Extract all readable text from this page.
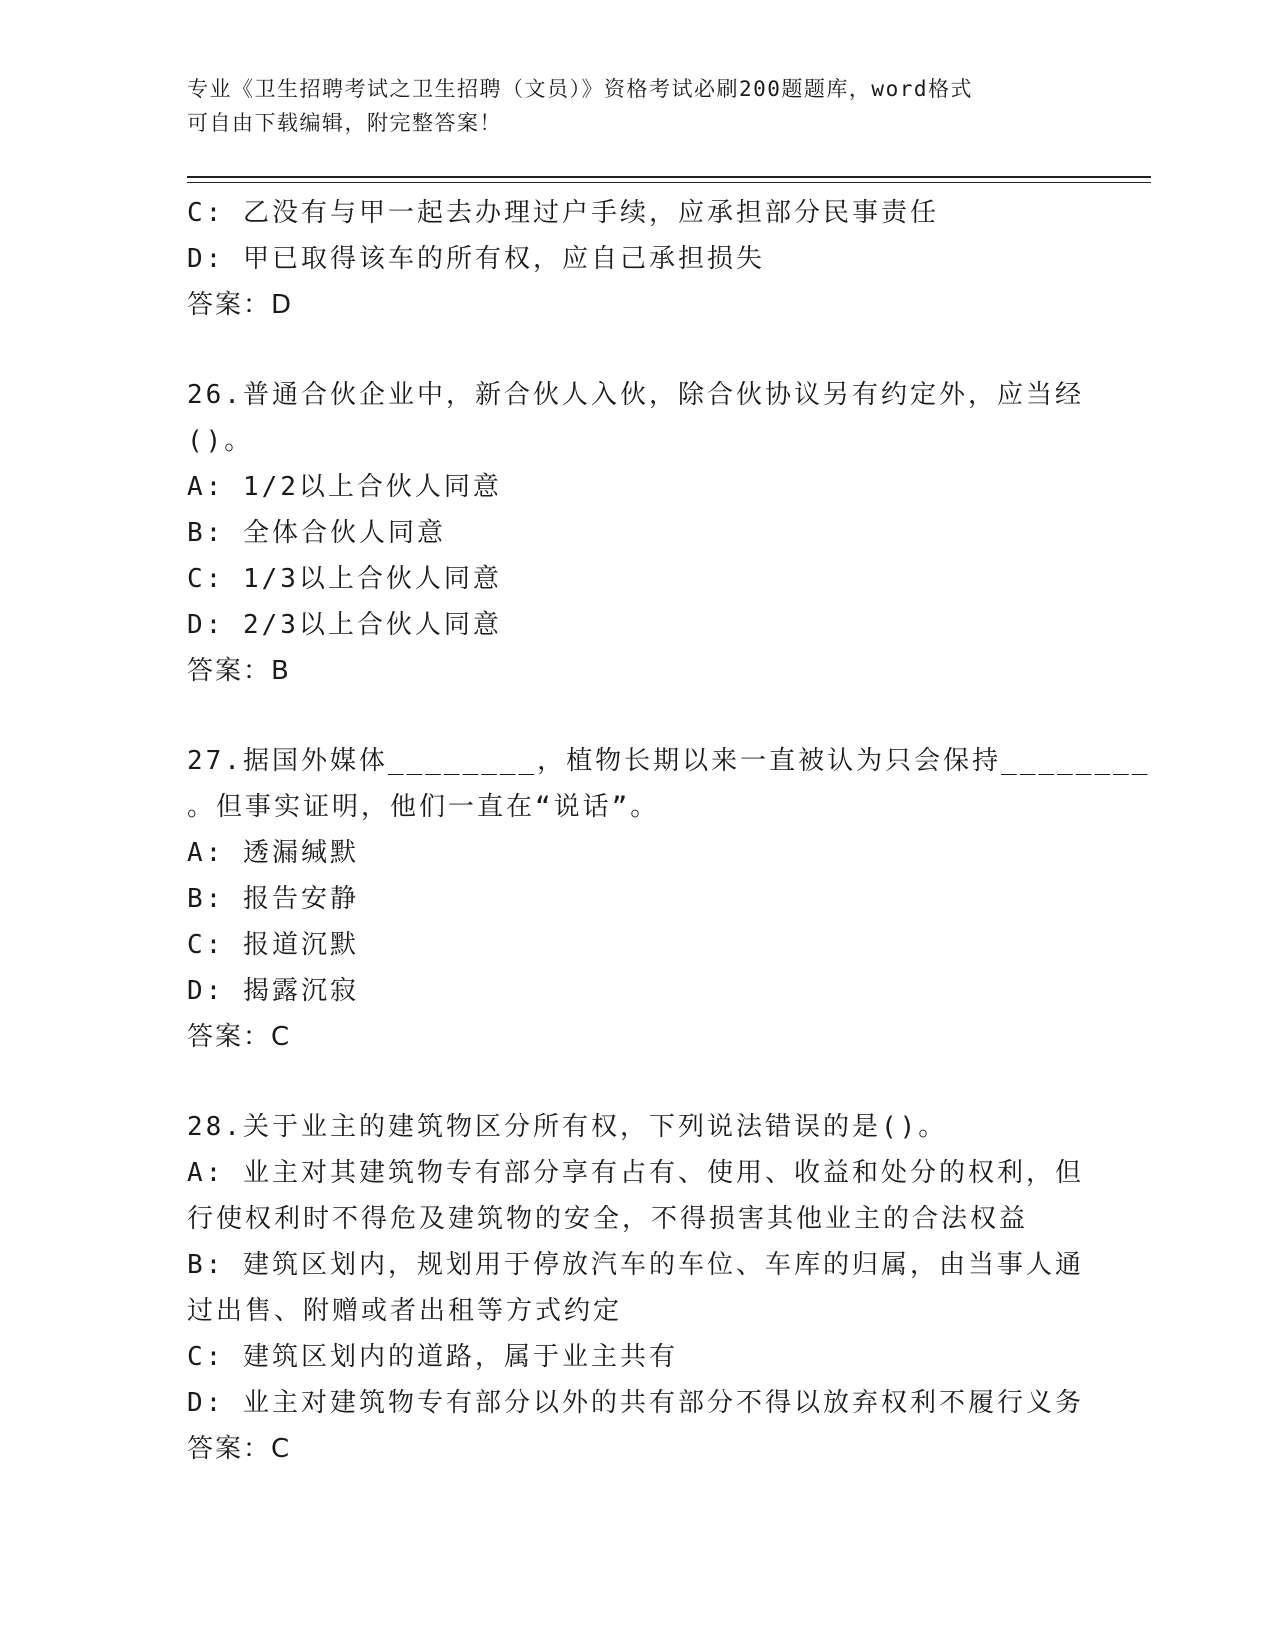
专业《卫生招聘考试之卫生招聘（文员）》资格考试必刷200题题库，word格式

可自由下载编辑，附完整答案！

C: 乙没有与甲一起去办理过户手续，应承担部分民事责任

D: 甲已取得该车的所有权，应自己承担损失

答案：D

26.普通合伙企业中，新合伙人入伙，除合伙协议另有约定外，应当经

()。

A: 1/2以上合伙人同意

B: 全体合伙人同意

C: 1/3以上合伙人同意

D: 2/3以上合伙人同意

答案：B

27.据国外媒体________，植物长期以来一直被认为只会保持________

。但事实证明，他们一直在“说话”。

A: 透漏缄默

B: 报告安静

C: 报道沉默

D: 揭露沉寂

答案：C

28.关于业主的建筑物区分所有权，下列说法错误的是()。

A: 业主对其建筑物专有部分享有占有、使用、收益和处分的权利，但

行使权利时不得危及建筑物的安全，不得损害其他业主的合法权益

B: 建筑区划内，规划用于停放汽车的车位、车库的归属，由当事人通

过出售、附赠或者出租等方式约定

C: 建筑区划内的道路，属于业主共有

D: 业主对建筑物专有部分以外的共有部分不得以放弃权利不履行义务

答案：C
